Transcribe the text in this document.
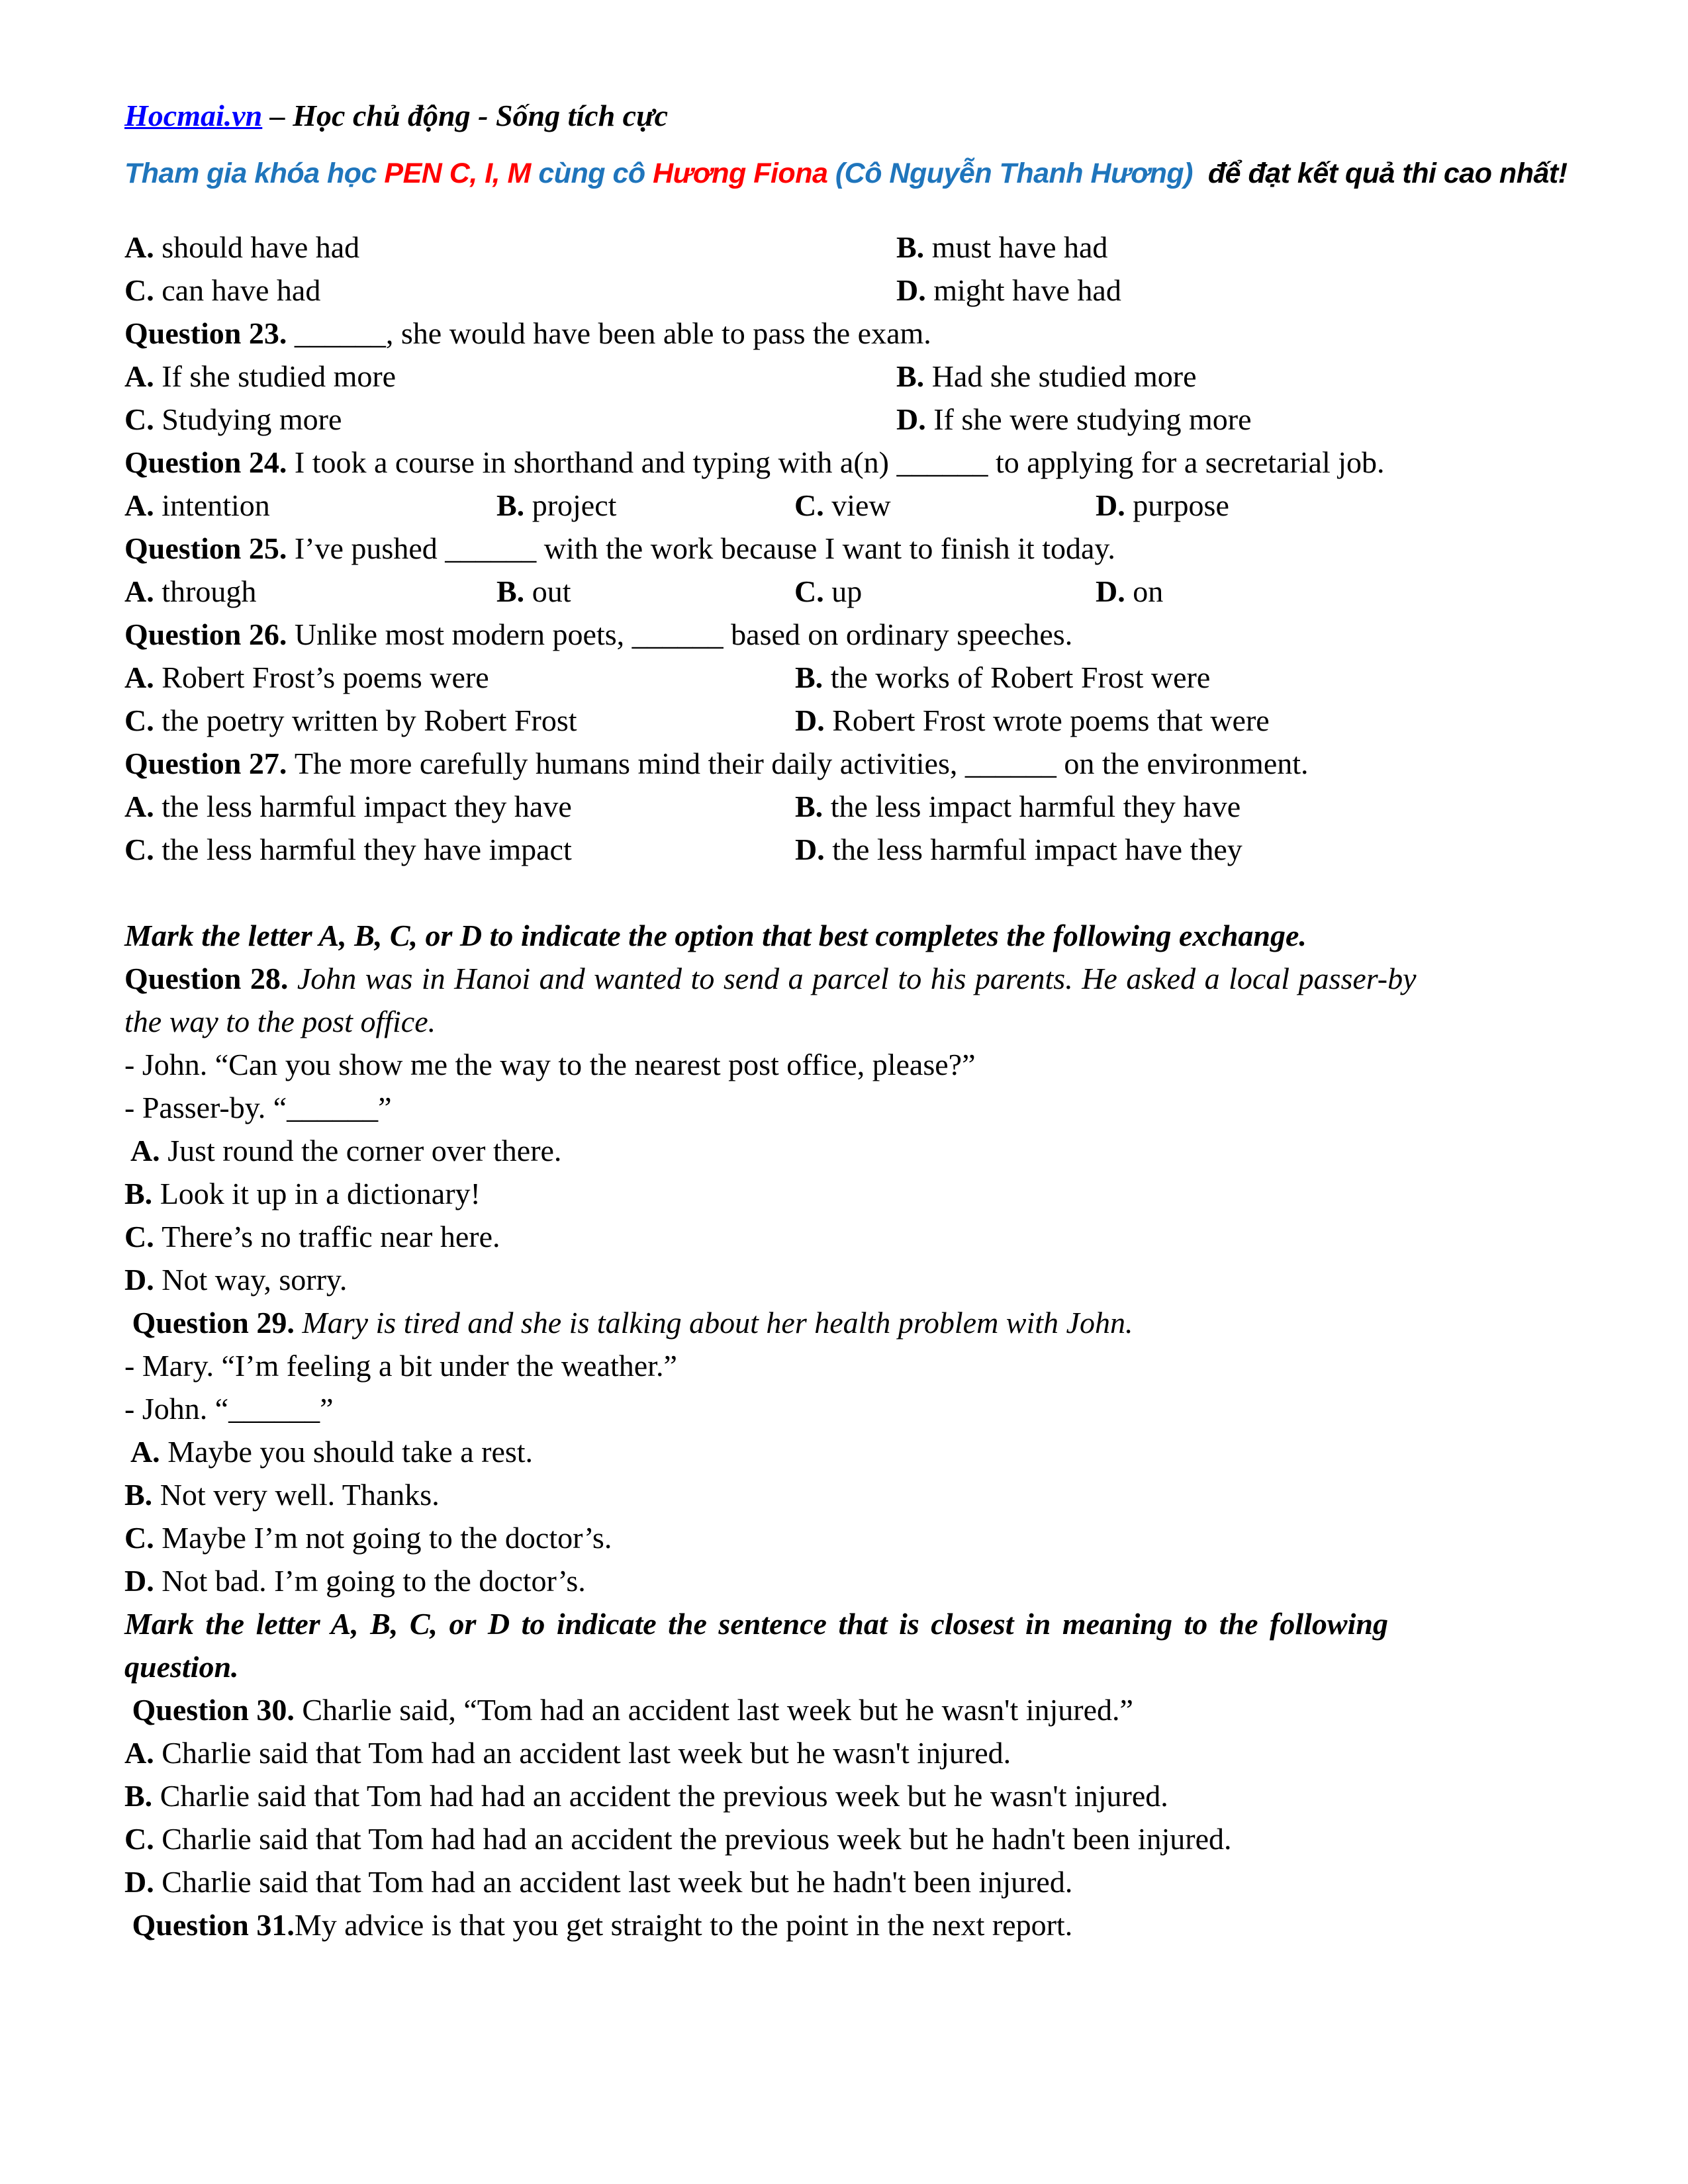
Hocmai.vn – Học chủ động - Sống tích cực
Tham gia khóa học PEN C, I, M cùng cô Hương Fiona (Cô Nguyễn Thanh Hương)  để đạt kết quả thi cao nhất!
A. should have had	B. must have had
C. can have had	D. might have had
Question 23. ______, she would have been able to pass the exam.
A. If she studied more	B. Had she studied more
C. Studying more	D. If she were studying more
Question 24. I took a course in shorthand and typing with a(n) ______ to applying for a secretarial job.
A. intention	B. project	C. view	D. purpose
Question 25. I’ve pushed ______ with the work because I want to finish it today.
A. through	B. out	C. up	D. on
Question 26. Unlike most modern poets, ______ based on ordinary speeches.
A. Robert Frost’s poems were	B. the works of Robert Frost were
C. the poetry written by Robert Frost	D. Robert Frost wrote poems that were
Question 27. The more carefully humans mind their daily activities, ______ on the environment.
A. the less harmful impact they have	B. the less impact harmful they have
C. the less harmful they have impact	D. the less harmful impact have they
Mark the letter A, B, C, or D to indicate the option that best completes the following exchange.
Question 28. John was in Hanoi and wanted to send a parcel to his parents. He asked a local passer-by
the way to the post office.
- John. “Can you show me the way to the nearest post office, please?”
- Passer-by. “______”
A. Just round the corner over there.
B. Look it up in a dictionary!
C. There’s no traffic near here.
D. Not way, sorry.
Question 29. Mary is tired and she is talking about her health problem with John.
- Mary. “I’m feeling a bit under the weather.”
- John. “______”
A. Maybe you should take a rest.
B. Not very well. Thanks.
C. Maybe I’m not going to the doctor’s.
D. Not bad. I’m going to the doctor’s.
Mark the letter A, B, C, or D to indicate the sentence that is closest in meaning to the following
question.
Question 30. Charlie said, “Tom had an accident last week but he wasn't injured.”
A. Charlie said that Tom had an accident last week but he wasn't injured.
B. Charlie said that Tom had had an accident the previous week but he wasn't injured.
C. Charlie said that Tom had had an accident the previous week but he hadn't been injured.
D. Charlie said that Tom had an accident last week but he hadn't been injured.
Question 31.My advice is that you get straight to the point in the next report.
